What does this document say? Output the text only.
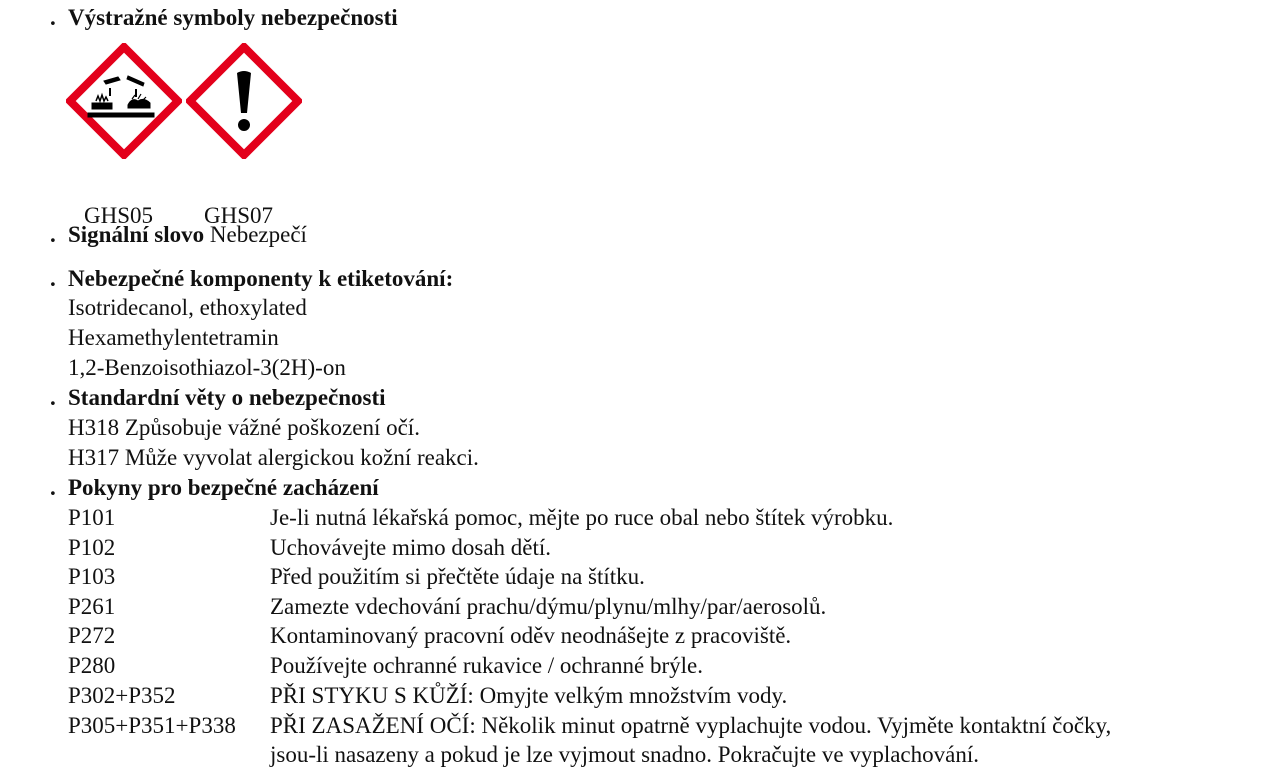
. Výstražné symboly nebezpečnosti
GHS05 GHS07
. Signální slovo Nebezpečí
. Nebezpečné komponenty k etiketování:
Isotridecanol, ethoxylated
Hexamethylentetramin
1,2-Benzoisothiazol-3(2H)-on
. Standardní věty o nebezpečnosti
H318 Způsobuje vážné poškození očí.
H317 Může vyvolat alergickou kožní reakci.
. Pokyny pro bezpečné zacházení
P101	Je-li nutná lékařská pomoc, mějte po ruce obal nebo štítek výrobku.
P102	Uchovávejte mimo dosah dětí.
P103	Před použitím si přečtěte údaje na štítku.
P261	Zamezte vdechování prachu/dýmu/plynu/mlhy/par/aerosolů.
P272	Kontaminovaný pracovní oděv neodnášejte z pracoviště.
P280	Používejte ochranné rukavice / ochranné brýle.
P302+P352	PŘI STYKU S KŮŽÍ: Omyjte velkým množstvím vody.
P305+P351+P338 PŘI ZASAŽENÍ OČÍ: Několik minut opatrně vyplachujte vodou. Vyjměte kontaktní čočky,
jsou-li nasazeny a pokud je lze vyjmout snadno. Pokračujte ve vyplachování.
